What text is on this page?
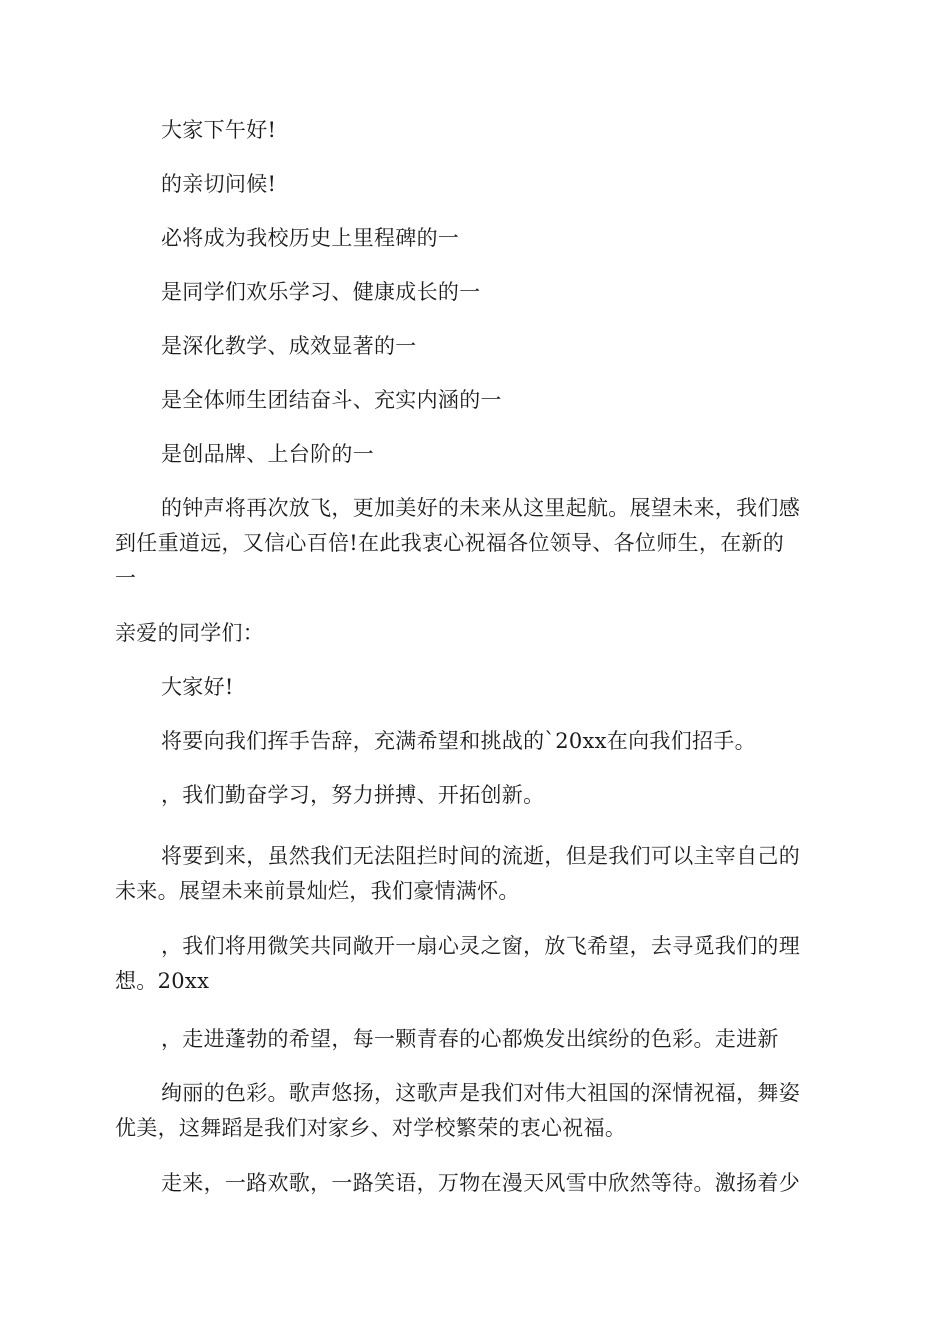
大家下午好!

的亲切问候!

必将成为我校历史上里程碑的一

是同学们欢乐学习、健康成长的一

是深化教学、成效显著的一

是全体师生团结奋斗、充实内涵的一

是创品牌、上台阶的一

的钟声将再次放飞，更加美好的未来从这里起航。展望未来，我们感
到任重道远，又信心百倍!在此我衷心祝福各位领导、各位师生，在新的
一

亲爱的同学们：

大家好!

将要向我们挥手告辞，充满希望和挑战的`20xx在向我们招手。

，我们勤奋学习，努力拼搏、开拓创新。

将要到来，虽然我们无法阻拦时间的流逝，但是我们可以主宰自己的
未来。展望未来前景灿烂，我们豪情满怀。

，我们将用微笑共同敞开一扇心灵之窗，放飞希望，去寻觅我们的理
想。20xx

，走进蓬勃的希望，每一颗青春的心都焕发出缤纷的色彩。走进新

绚丽的色彩。歌声悠扬，这歌声是我们对伟大祖国的深情祝福，舞姿
优美，这舞蹈是我们对家乡、对学校繁荣的衷心祝福。

走来，一路欢歌，一路笑语，万物在漫天风雪中欣然等待。激扬着少
